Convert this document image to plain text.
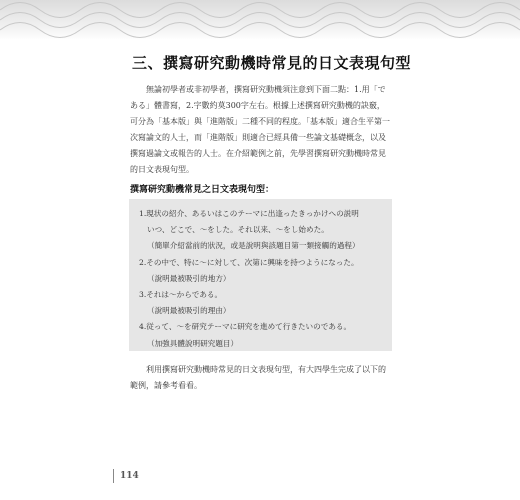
三、撰寫研究動機時常見的日文表現句型

無論初學者或非初學者，撰寫研究動機須注意到下面二點：1.用「である」體書寫，2.字數約莫300字左右。根據上述撰寫研究動機的訣竅，可分為「基本版」與「進階版」二種不同的程度。「基本版」適合生平第一次寫論文的人士，而「進階版」則適合已經具備一些論文基礎概念，以及撰寫過論文或報告的人士。在介紹範例之前，先學習撰寫研究動機時常見的日文表現句型。

撰寫研究動機常見之日文表現句型：
1.現状の紹介、あるいはこのテーマに出逢ったきっかけへの説明
いつ、どこで、〜をした。それ以来、〜をし始めた。
（簡單介紹當前的狀況，或是說明與該題目第一類接觸的過程）
2.その中で、特に〜に対して、次第に興味を持つようになった。
（說明最被吸引的地方）
3.それは〜からである。
（說明最被吸引的理由）
4.従って、〜を研究テーマに研究を進めて行きたいのである。
（加強具體說明研究題目）

利用撰寫研究動機時常見的日文表現句型，有大四學生完成了以下的範例，請參考看看。

114
